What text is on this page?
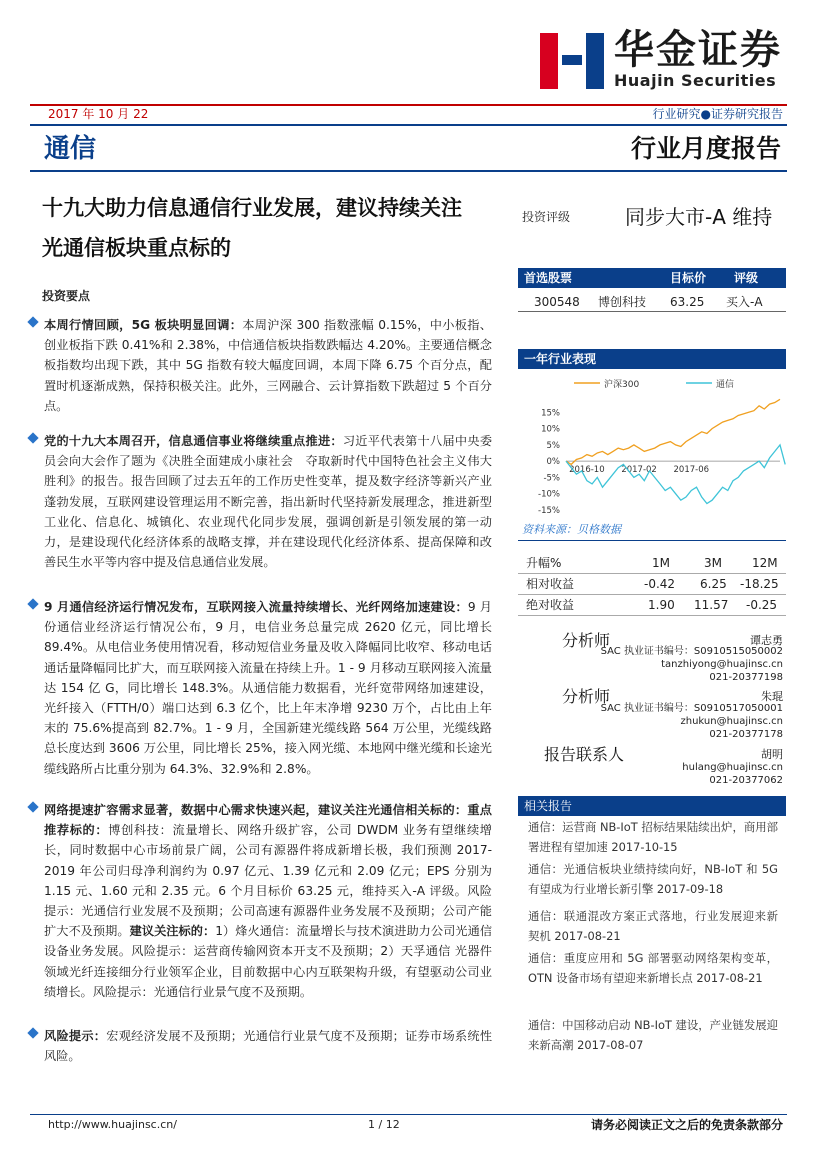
华金证券
Huajin Securities
2017 年 10 月 22	行业研究●证券研究报告
通信	行业月度报告
十九大助力信息通信行业发展，建议持续关注
光通信板块重点标的
投资要点
本周行情回顾，5G 板块明显回调：本周沪深 300 指数涨幅 0.15%，中小板指、创业板指下跌 0.41%和 2.38%，中信通信板块指数跌幅达 4.20%。主要通信概念板指数均出现下跌，其中 5G 指数有较大幅度回调，本周下降 6.75 个百分点，配置时机逐渐成熟，保持积极关注。此外，三网融合、云计算指数下跌超过 5 个百分点。
党的十九大本周召开，信息通信事业将继续重点推进：习近平代表第十八届中央委员会向大会作了题为《决胜全面建成小康社会　夺取新时代中国特色社会主义伟大胜利》的报告。报告回顾了过去五年的工作历史性变革，提及数字经济等新兴产业蓬勃发展，互联网建设管理运用不断完善，指出新时代坚持新发展理念，推进新型工业化、信息化、城镇化、农业现代化同步发展，强调创新是引领发展的第一动力，是建设现代化经济体系的战略支撑，并在建设现代化经济体系、提高保障和改善民生水平等内容中提及信息通信业发展。
9 月通信经济运行情况发布，互联网接入流量持续增长、光纤网络加速建设：9 月份通信业经济运行情况公布，9 月，电信业务总量完成 2620 亿元，同比增长 89.4%。从电信业务使用情况看，移动短信业务量及收入降幅同比收窄、移动电话通话量降幅同比扩大，而互联网接入流量在持续上升。1 - 9 月移动互联网接入流量达 154 亿 G，同比增长 148.3%。从通信能力数据看，光纤宽带网络加速建设，光纤接入（FTTH/0）端口达到 6.3 亿个，比上年末净增 9230 万个，占比由上年末的 75.6%提高到 82.7%。1 - 9 月，全国新建光缆线路 564 万公里，光缆线路总长度达到 3606 万公里，同比增长 25%，接入网光缆、本地网中继光缆和长途光缆线路所占比重分别为 64.3%、32.9%和 2.8%。
网络提速扩容需求显著，数据中心需求快速兴起，建议关注光通信相关标的：重点推荐标的：博创科技：流量增长、网络升级扩容，公司 DWDM 业务有望继续增长，同时数据中心市场前景广阔，公司有源器件将成新增长极，我们预测 2017-2019 年公司归母净利润约为 0.97 亿元、1.39 亿元和 2.09 亿元；EPS 分别为 1.15 元、1.60 元和 2.35 元。6 个月目标价 63.25 元，维持买入-A 评级。风险提示：光通信行业发展不及预期；公司高速有源器件业务发展不及预期；公司产能扩大不及预期。建议关注标的：1）烽火通信：流量增长与技术演进助力公司光通信设备业务发展。风险提示：运营商传输网资本开支不及预期；2）天孚通信 光器件领域光纤连接细分行业领军企业，目前数据中心内互联架构升级，有望驱动公司业绩增长。风险提示：光通信行业景气度不及预期。
风险提示：宏观经济发展不及预期；光通信行业景气度不及预期；证券市场系统性风险。
投资评级	同步大市-A 维持
首选股票	目标价 评级
300548 博创科技 63.25 买入-A
一年行业表现
沪深300	通信
15%
10%
5%
0%
-5%
-10%
-15%
2016-10 2017-02 2017-06
资料来源：贝格数据
升幅%	1M	3M	12M
相对收益	-0.42 6.25 -18.25
绝对收益	1.90 11.57 -0.25
分析师	谭志勇
SAC 执业证书编号：S0910515050002
tanzhiyong@huajinsc.cn
021-20377198
分析师	朱琨
SAC 执业证书编号：S0910517050001
zhukun@huajinsc.cn
021-20377178
报告联系人	胡明
hulang@huajinsc.cn
021-20377062
相关报告
通信：运营商 NB-IoT 招标结果陆续出炉，商用部署进程有望加速 2017-10-15
通信：光通信板块业绩持续向好，NB-IoT 和 5G 有望成为行业增长新引擎 2017-09-18
通信：联通混改方案正式落地，行业发展迎来新契机 2017-08-21
通信：重度应用和 5G 部署驱动网络架构变革，OTN 设备市场有望迎来新增长点 2017-08-21
通信：中国移动启动 NB-IoT 建设，产业链发展迎来新高潮 2017-08-07
http://www.huajinsc.cn/	1 / 12	请务必阅读正文之后的免责条款部分
